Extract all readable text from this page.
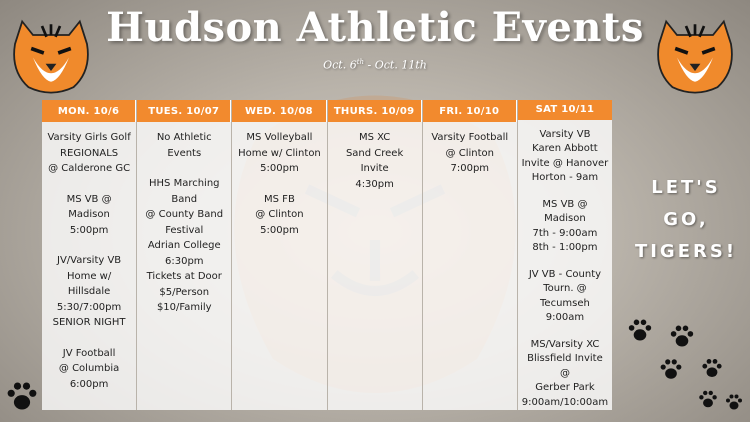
Hudson Athletic Events
Oct. 6th - Oct. 11th
MON. 10/6
Varsity Girls Golf
REGIONALS
@ Calderone GC
MS VB @
Madison
5:00pm
JV/Varsity VB
Home w/
Hillsdale
5:30/7:00pm
SENIOR NIGHT
JV Football
@ Columbia
6:00pm
TUES. 10/07
No Athletic
Events
HHS Marching
Band
@ County Band
Festival
Adrian College
6:30pm
Tickets at Door
$5/Person
$10/Family
WED. 10/08
MS Volleyball
Home w/ Clinton
5:00pm
MS FB
@ Clinton
5:00pm
THURS. 10/09
MS XC
Sand Creek
Invite
4:30pm
FRI. 10/10
Varsity Football
@ Clinton
7:00pm
SAT 10/11
Varsity VB
Karen Abbott
Invite @ Hanover
Horton - 9am
MS VB @
Madison
7th - 9:00am
8th - 1:00pm
JV VB - County
Tourn. @
Tecumseh
9:00am
MS/Varsity XC
Blissfield Invite @
Gerber Park
9:00am/10:00am
LET'S
GO,
TIGERS!
